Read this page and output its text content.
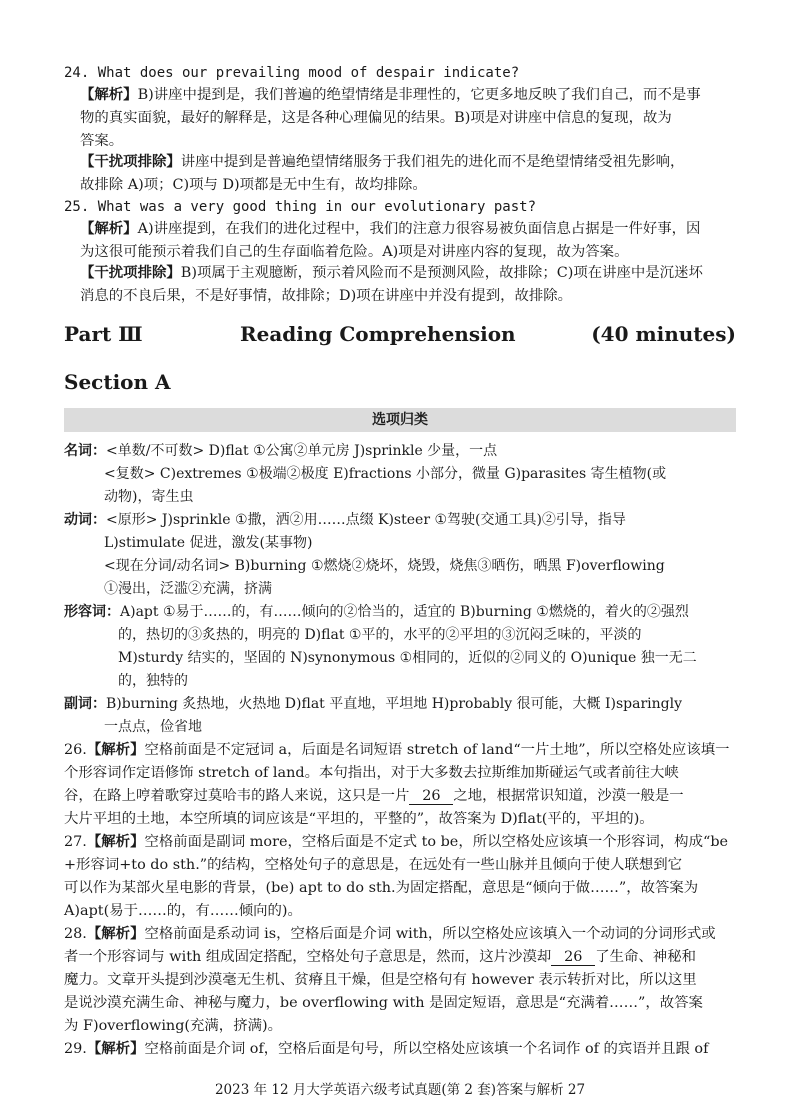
24. What does our prevailing mood of despair indicate?
【解析】B)讲座中提到是，我们普遍的绝望情绪是非理性的，它更多地反映了我们自己，而不是事
物的真实面貌，最好的解释是，这是各种心理偏见的结果。B)项是对讲座中信息的复现，故为
答案。
【干扰项排除】讲座中提到是普遍绝望情绪服务于我们祖先的进化而不是绝望情绪受祖先影响，
故排除 A)项；C)项与 D)项都是无中生有，故均排除。
25. What was a very good thing in our evolutionary past?
【解析】A)讲座提到，在我们的进化过程中，我们的注意力很容易被负面信息占据是一件好事，因
为这很可能预示着我们自己的生存面临着危险。A)项是对讲座内容的复现，故为答案。
【干扰项排除】B)项属于主观臆断，预示着风险而不是预测风险，故排除；C)项在讲座中是沉迷坏
消息的不良后果，不是好事情，故排除；D)项在讲座中并没有提到，故排除。
Part Ⅲ	Reading Comprehension	(40 minutes)
Section A
选项归类
名词：<单数/不可数> D)flat ①公寓②单元房 J)sprinkle 少量，一点
<复数> C)extremes ①极端②极度 E)fractions 小部分，微量 G)parasites 寄生植物(或
动物)，寄生虫
动词：<原形> J)sprinkle ①撒，洒②用……点缀 K)steer ①驾驶(交通工具)②引导，指导
L)stimulate 促进，激发(某事物)
<现在分词/动名词> B)burning ①燃烧②烧坏，烧毁，烧焦③晒伤，晒黑 F)overflowing
①漫出，泛滥②充满，挤满
形容词：A)apt ①易于……的，有……倾向的②恰当的，适宜的 B)burning ①燃烧的，着火的②强烈
的，热切的③炙热的，明亮的 D)flat ①平的，水平的②平坦的③沉闷乏味的，平淡的
M)sturdy 结实的，坚固的 N)synonymous ①相同的，近似的②同义的 O)unique 独一无二
的，独特的
副词：B)burning 炙热地，火热地 D)flat 平直地，平坦地 H)probably 很可能，大概 I)sparingly
一点点，俭省地
26.【解析】空格前面是不定冠词 a，后面是名词短语 stretch of land“一片土地”，所以空格处应该填一
个形容词作定语修饰 stretch of land。本句指出，对于大多数去拉斯维加斯碰运气或者前往大峡
谷，在路上哼着歌穿过莫哈韦的路人来说，这只是一片 26 之地，根据常识知道，沙漠一般是一
大片平坦的土地，本空所填的词应该是“平坦的，平整的”，故答案为 D)flat(平的，平坦的)。
27.【解析】空格前面是副词 more，空格后面是不定式 to be，所以空格处应该填一个形容词，构成“be
+形容词+to do sth.”的结构，空格处句子的意思是，在远处有一些山脉并且倾向于使人联想到它
可以作为某部火星电影的背景，(be) apt to do sth.为固定搭配，意思是“倾向于做……”，故答案为
A)apt(易于……的，有……倾向的)。
28.【解析】空格前面是系动词 is，空格后面是介词 with，所以空格处应该填入一个动词的分词形式或
者一个形容词与 with 组成固定搭配，空格处句子意思是，然而，这片沙漠却 26 了生命、神秘和
魔力。文章开头提到沙漠毫无生机、贫瘠且干燥，但是空格句有 however 表示转折对比，所以这里
是说沙漠充满生命、神秘与魔力，be overflowing with 是固定短语，意思是“充满着……”，故答案
为 F)overflowing(充满，挤满)。
29.【解析】空格前面是介词 of，空格后面是句号，所以空格处应该填一个名词作 of 的宾语并且跟 of
2023 年 12 月大学英语六级考试真题(第 2 套)答案与解析 27
